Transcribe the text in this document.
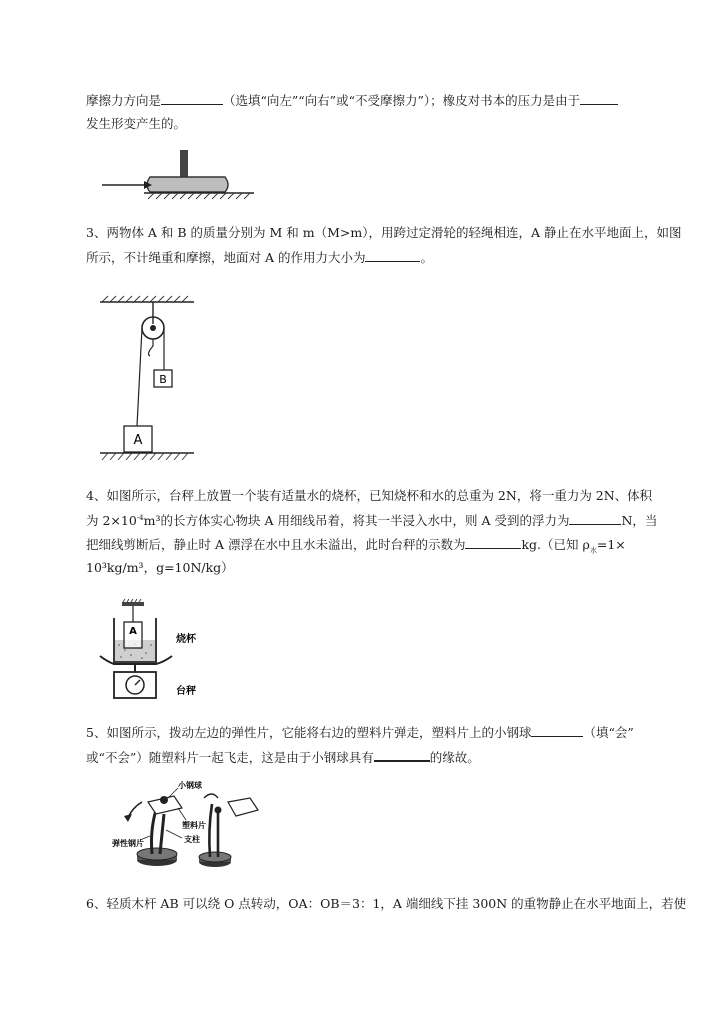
摩擦力方向是	（选填“向左”“向右”或“不受摩擦力”）；橡皮对书本的压力是由于
发生形变产生的。
3、两物体 A 和 B 的质量分别为 M 和 m（M>m），用跨过定滑轮的轻绳相连，A 静止在水平地面上，如图
所示，不计绳重和摩擦，地面对 A 的作用力大小为	。
B
A
4、如图所示，台秤上放置一个装有适量水的烧杯，已知烧杯和水的总重为 2N，将一重力为 2N、体积
为 $2\times 10^{-4}m^3$的长方体实心物块 A 用细线吊着，将其一半浸入水中，则 A 受到的浮力为	N，当
把细线剪断后，静止时 A 漂浮在水中且水未溢出，此时台秤的示数为	kg.（已知 $\rho_水=1\times$
10³kg/m³，g=10N/kg）
A
烧杯
台秤
5、如图所示，拨动左边的弹性片，它能将右边的塑料片弹走，塑料片上的小钢球	（填“会”
或“不会”）随塑料片一起飞走，这是由于小钢球具有	的缘故。
小钢球
塑料片
支柱
弹性钢片
6、轻质木杆 AB 可以绕 O 点转动，OA：OB＝3：1，A 端细线下挂 300N 的重物静止在水平地面上，若使
